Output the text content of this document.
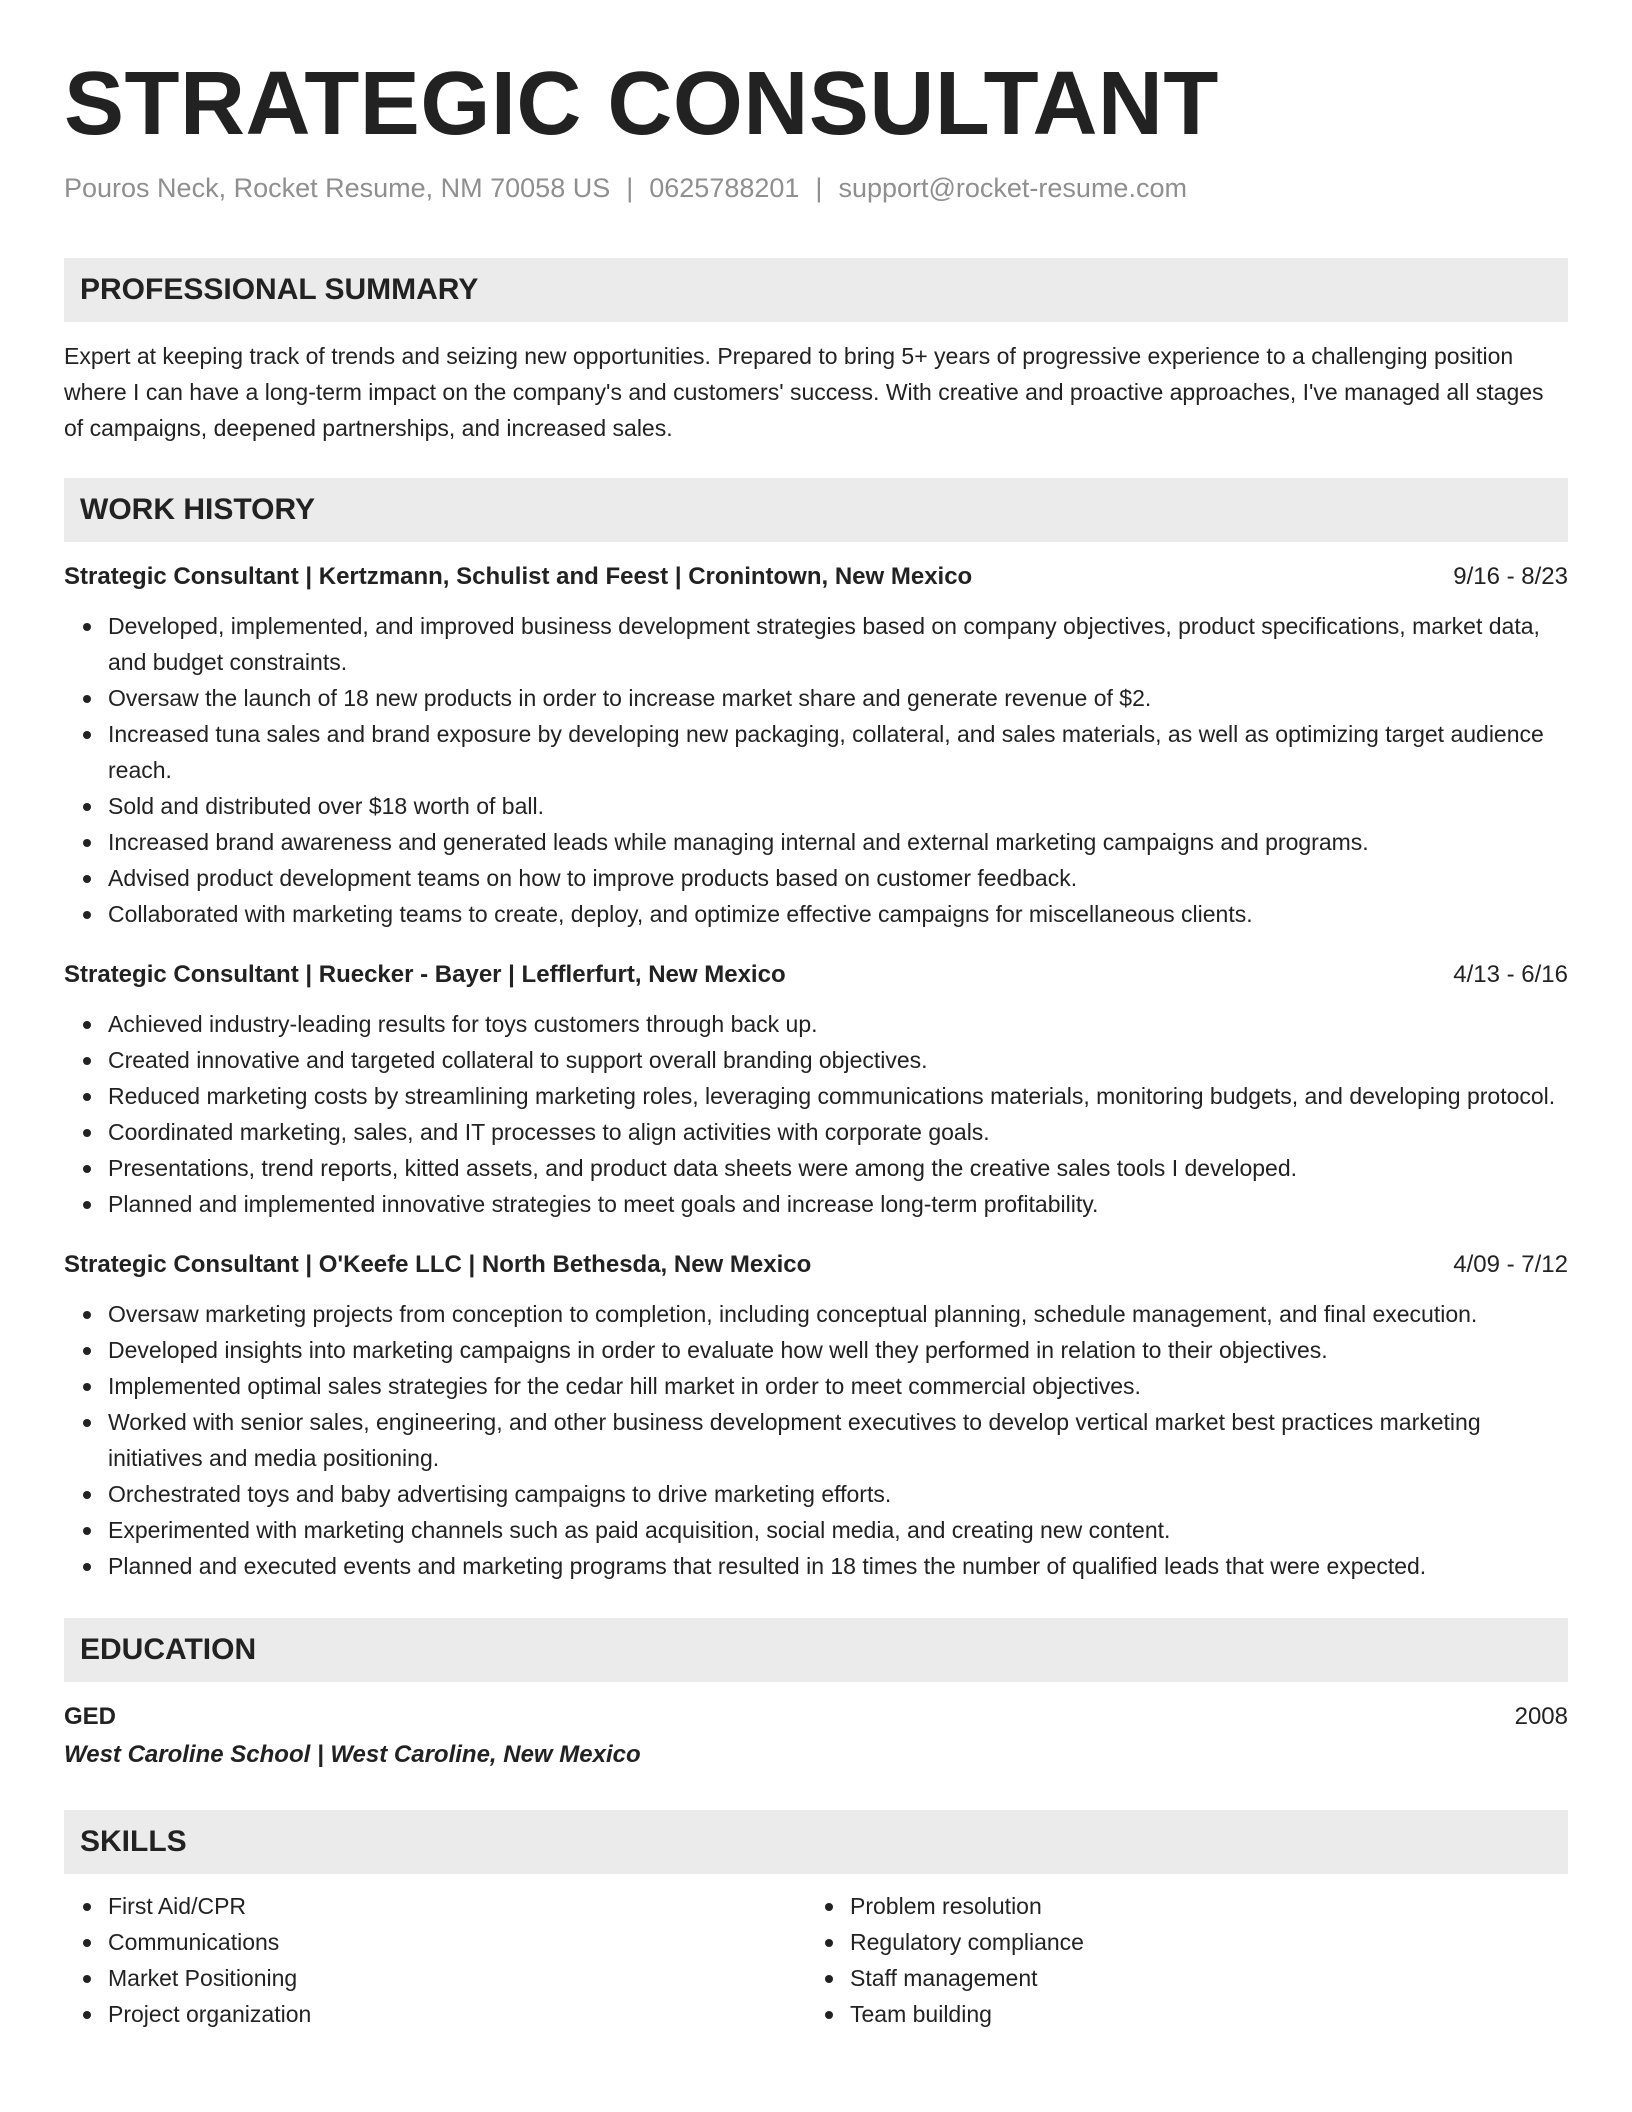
STRATEGIC CONSULTANT
Pouros Neck, Rocket Resume, NM 70058 US | 0625788201 | support@rocket-resume.com
PROFESSIONAL SUMMARY
Expert at keeping track of trends and seizing new opportunities. Prepared to bring 5+ years of progressive experience to a challenging position where I can have a long-term impact on the company's and customers' success. With creative and proactive approaches, I've managed all stages of campaigns, deepened partnerships, and increased sales.
WORK HISTORY
Strategic Consultant | Kertzmann, Schulist and Feest | Cronintown, New Mexico	9/16 - 8/23
Developed, implemented, and improved business development strategies based on company objectives, product specifications, market data, and budget constraints.
Oversaw the launch of 18 new products in order to increase market share and generate revenue of $2.
Increased tuna sales and brand exposure by developing new packaging, collateral, and sales materials, as well as optimizing target audience reach.
Sold and distributed over $18 worth of ball.
Increased brand awareness and generated leads while managing internal and external marketing campaigns and programs.
Advised product development teams on how to improve products based on customer feedback.
Collaborated with marketing teams to create, deploy, and optimize effective campaigns for miscellaneous clients.
Strategic Consultant | Ruecker - Bayer | Lefflerfurt, New Mexico	4/13 - 6/16
Achieved industry-leading results for toys customers through back up.
Created innovative and targeted collateral to support overall branding objectives.
Reduced marketing costs by streamlining marketing roles, leveraging communications materials, monitoring budgets, and developing protocol.
Coordinated marketing, sales, and IT processes to align activities with corporate goals.
Presentations, trend reports, kitted assets, and product data sheets were among the creative sales tools I developed.
Planned and implemented innovative strategies to meet goals and increase long-term profitability.
Strategic Consultant | O'Keefe LLC | North Bethesda, New Mexico	4/09 - 7/12
Oversaw marketing projects from conception to completion, including conceptual planning, schedule management, and final execution.
Developed insights into marketing campaigns in order to evaluate how well they performed in relation to their objectives.
Implemented optimal sales strategies for the cedar hill market in order to meet commercial objectives.
Worked with senior sales, engineering, and other business development executives to develop vertical market best practices marketing initiatives and media positioning.
Orchestrated toys and baby advertising campaigns to drive marketing efforts.
Experimented with marketing channels such as paid acquisition, social media, and creating new content.
Planned and executed events and marketing programs that resulted in 18 times the number of qualified leads that were expected.
EDUCATION
GED	2008
West Caroline School | West Caroline, New Mexico
SKILLS
First Aid/CPR
Communications
Market Positioning
Project organization
Problem resolution
Regulatory compliance
Staff management
Team building
